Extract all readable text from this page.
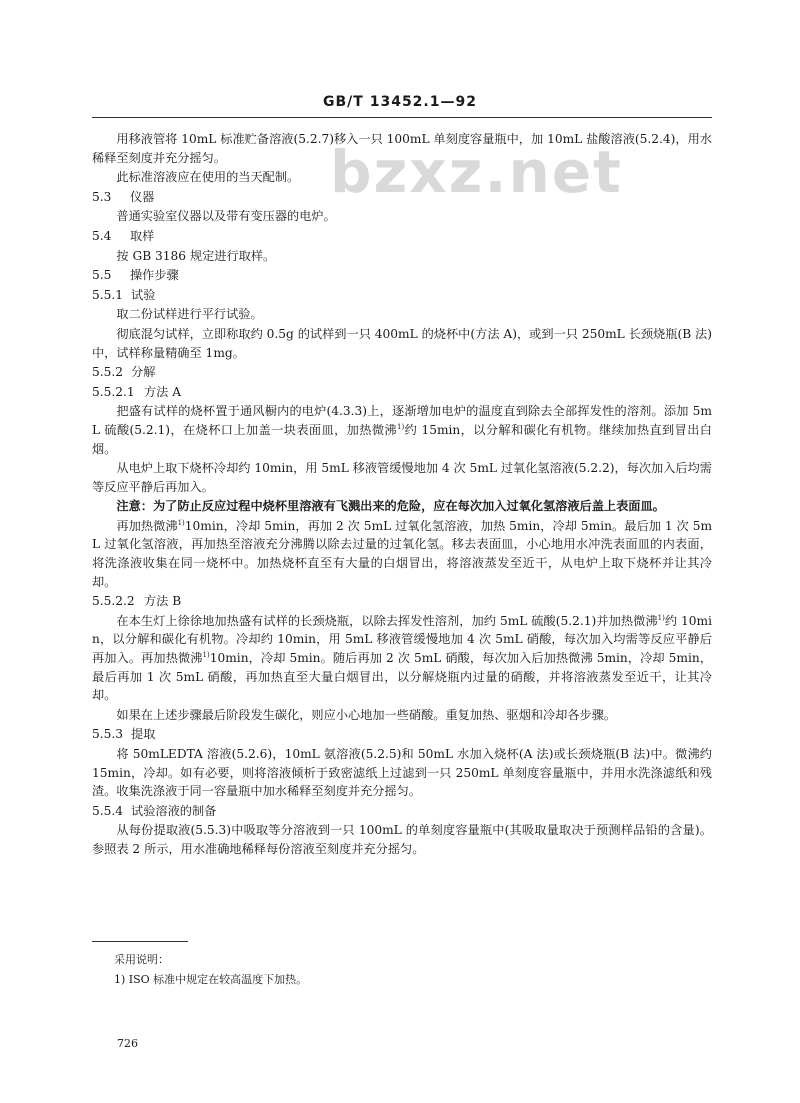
GB/T 13452.1—92
bzxz.net

用移液管将 10mL 标准贮备溶液(5.2.7)移入一只 100mL 单刻度容量瓶中，加 10mL 盐酸溶液(5.2.4)，用水稀释至刻度并充分摇匀。

此标准溶液应在使用的当天配制。

5.3 仪器

普通实验室仪器以及带有变压器的电炉。

5.4 取样

按 GB 3186 规定进行取样。

5.5 操作步骤

5.5.1 试验

取二份试样进行平行试验。

彻底混匀试样，立即称取约 0.5g 的试样到一只 400mL 的烧杯中(方法 A)，或到一只 250mL 长颈烧瓶(B 法)中，试样称量精确至 1mg。

5.5.2 分解

5.5.2.1 方法 A

把盛有试样的烧杯置于通风橱内的电炉(4.3.3)上，逐渐增加电炉的温度直到除去全部挥发性的溶剂。添加 5mL 硫酸(5.2.1)，在烧杯口上加盖一块表面皿，加热微沸$^{1)}$约 15min，以分解和碳化有机物。继续加热直到冒出白烟。

从电炉上取下烧杯冷却约 10min，用 5mL 移液管缓慢地加 4 次 5mL 过氧化氢溶液(5.2.2)，每次加入后均需等反应平静后再加入。

注意：为了防止反应过程中烧杯里溶液有飞溅出来的危险，应在每次加入过氧化氢溶液后盖上表面皿。

再加热微沸$^{1)}$10min，冷却 5min，再加 2 次 5mL 过氧化氢溶液，加热 5min，冷却 5min。最后加 1 次 5mL 过氧化氢溶液，再加热至溶液充分沸腾以除去过量的过氧化氢。移去表面皿，小心地用水冲洗表面皿的内表面，将洗涤液收集在同一烧杯中。加热烧杯直至有大量的白烟冒出，将溶液蒸发至近干，从电炉上取下烧杯并让其冷却。

5.5.2.2 方法 B

在本生灯上徐徐地加热盛有试样的长颈烧瓶，以除去挥发性溶剂，加约 5mL 硫酸(5.2.1)并加热微沸$^{1)}$约 10min，以分解和碳化有机物。冷却约 10min，用 5mL 移液管缓慢地加 4 次 5mL 硝酸，每次加入均需等反应平静后再加入。再加热微沸$^{1)}$10min，冷却 5min。随后再加 2 次 5mL 硝酸，每次加入后加热微沸 5min，冷却 5min，最后再加 1 次 5mL 硝酸，再加热直至大量白烟冒出，以分解烧瓶内过量的硝酸，并将溶液蒸发至近干，让其冷却。

如果在上述步骤最后阶段发生碳化，则应小心地加一些硝酸。重复加热、驱烟和冷却各步骤。

5.5.3 提取

将 50mLEDTA 溶液(5.2.6)，10mL 氨溶液(5.2.5)和 50mL 水加入烧杯(A 法)或长颈烧瓶(B 法)中。微沸约 15min，冷却。如有必要，则将溶液倾析于致密滤纸上过滤到一只 250mL 单刻度容量瓶中，并用水洗涤滤纸和残渣。收集洗涤液于同一容量瓶中加水稀释至刻度并充分摇匀。

5.5.4 试验溶液的制备

从每份提取液(5.5.3)中吸取等分溶液到一只 100mL 的单刻度容量瓶中(其吸取量取决于预测样品铅的含量)。参照表 2 所示，用水准确地稀释每份溶液至刻度并充分摇匀。

采用说明：
1) ISO 标准中规定在较高温度下加热。
726
